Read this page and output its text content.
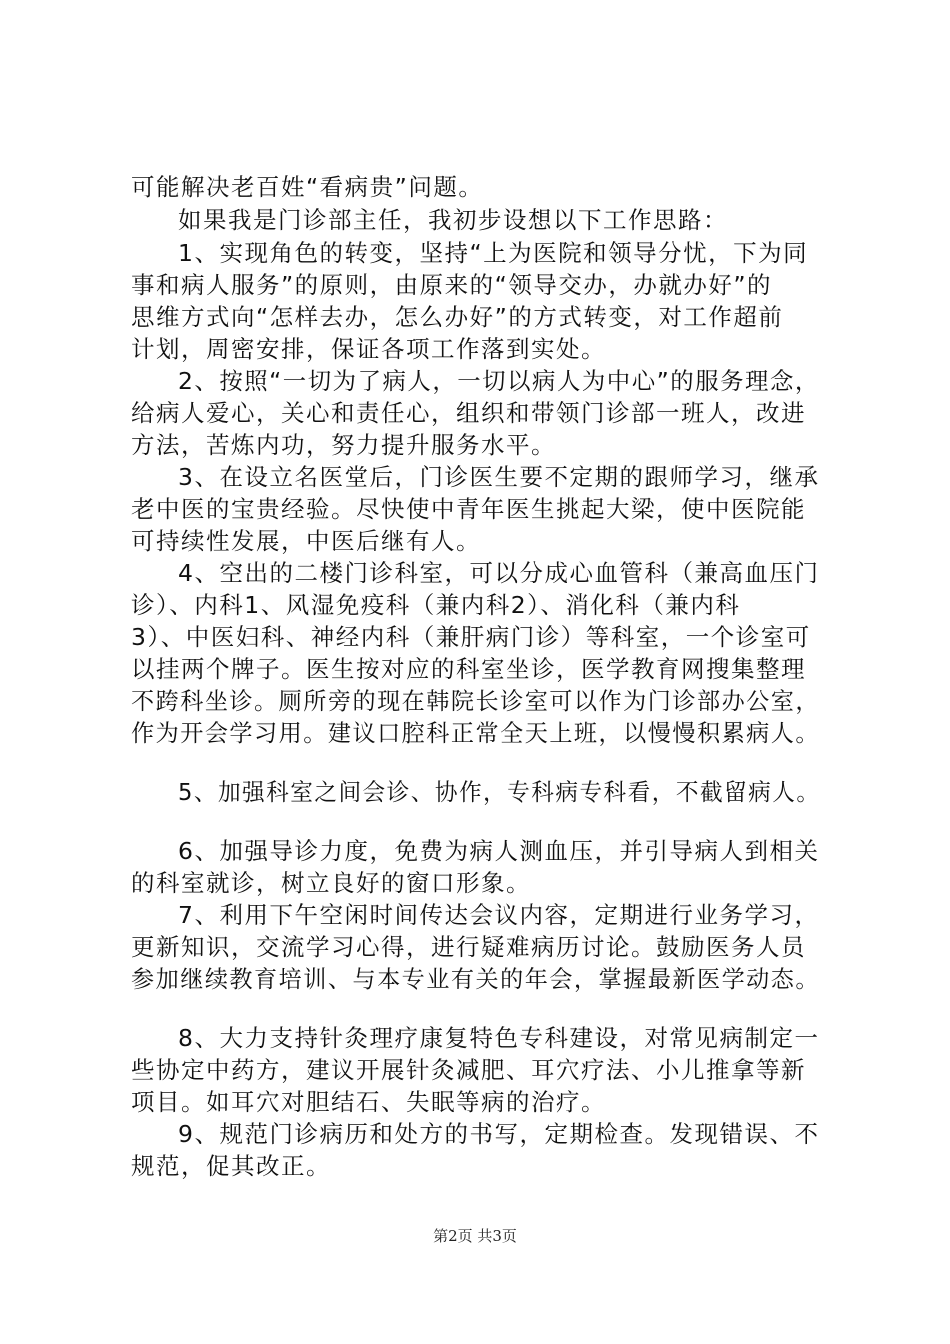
可能解决老百姓“看病贵”问题。
如果我是门诊部主任，我初步设想以下工作思路：
1、实现角色的转变，坚持“上为医院和领导分忧，下为同
事和病人服务”的原则，由原来的“领导交办，办就办好”的
思维方式向“怎样去办，怎么办好”的方式转变，对工作超前
计划，周密安排，保证各项工作落到实处。
2、按照“一切为了病人，一切以病人为中心”的服务理念，
给病人爱心，关心和责任心，组织和带领门诊部一班人，改进
方法，苦炼内功，努力提升服务水平。
3、在设立名医堂后，门诊医生要不定期的跟师学习，继承
老中医的宝贵经验。尽快使中青年医生挑起大梁，使中医院能
可持续性发展，中医后继有人。
4、空出的二楼门诊科室，可以分成心血管科（兼高血压门
诊）、内科1、风湿免疫科（兼内科2）、消化科（兼内科
3）、中医妇科、神经内科（兼肝病门诊）等科室，一个诊室可
以挂两个牌子。医生按对应的科室坐诊，医学教育网搜集整理
不跨科坐诊。厕所旁的现在韩院长诊室可以作为门诊部办公室，
作为开会学习用。建议口腔科正常全天上班，以慢慢积累病人。
5、加强科室之间会诊、协作，专科病专科看，不截留病人。
6、加强导诊力度，免费为病人测血压，并引导病人到相关
的科室就诊，树立良好的窗口形象。
7、利用下午空闲时间传达会议内容，定期进行业务学习，
更新知识，交流学习心得，进行疑难病历讨论。鼓励医务人员
参加继续教育培训、与本专业有关的年会，掌握最新医学动态。
8、大力支持针灸理疗康复特色专科建设，对常见病制定一
些协定中药方，建议开展针灸减肥、耳穴疗法、小儿推拿等新
项目。如耳穴对胆结石、失眠等病的治疗。
9、规范门诊病历和处方的书写，定期检查。发现错误、不
规范，促其改正。
第2页 共3页
